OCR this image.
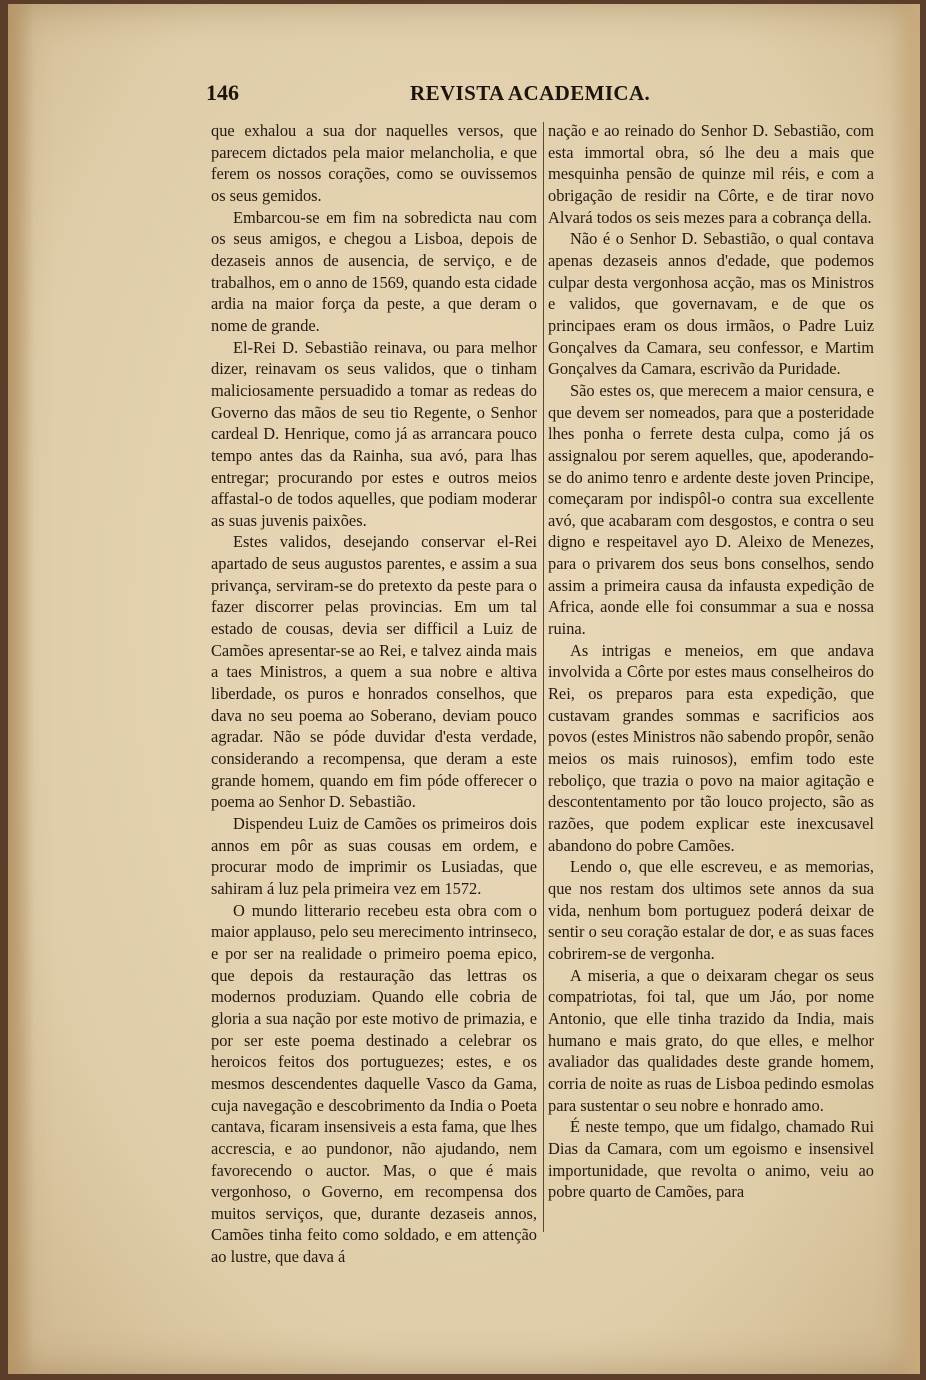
146	REVISTA ACADEMICA.

que exhalou a sua dor naquelles versos, que parecem dictados pela maior melancholia, e que ferem os nossos corações, como se ouvissemos os seus gemidos.

Embarcou-se em fim na sobredicta nau com os seus amigos, e chegou a Lisboa, depois de dezaseis annos de ausencia, de serviço, e de trabalhos, em o anno de 1569, quando esta cidade ardia na maior força da peste, a que deram o nome de grande.

El-Rei D. Sebastião reinava, ou para melhor dizer, reinavam os seus validos, que o tinham maliciosamente persuadido a tomar as redeas do Governo das mãos de seu tio Regente, o Senhor cardeal D. Henrique, como já as arrancara pouco tempo antes das da Rainha, sua avó, para lhas entregar; procurando por estes e outros meios affastal-o de todos aquelles, que podiam moderar as suas juvenis paixões.

Estes validos, desejando conservar el-Rei apartado de seus augustos parentes, e assim a sua privança, serviram-se do pretexto da peste para o fazer discorrer pelas provincias. Em um tal estado de cousas, devia ser difficil a Luiz de Camões apresentar-se ao Rei, e talvez ainda mais a taes Ministros, a quem a sua nobre e altiva liberdade, os puros e honrados conselhos, que dava no seu poema ao Soberano, deviam pouco agradar. Não se póde duvidar d'esta verdade, considerando a recompensa, que deram a este grande homem, quando em fim póde offerecer o poema ao Senhor D. Sebastião.

Dispendeu Luiz de Camões os primeiros dois annos em pôr as suas cousas em ordem, e procurar modo de imprimir os Lusiadas, que sahiram á luz pela primeira vez em 1572.

O mundo litterario recebeu esta obra com o maior applauso, pelo seu merecimento intrinseco, e por ser na realidade o primeiro poema epico, que depois da restauração das lettras os modernos produziam. Quando elle cobria de gloria a sua nação por este motivo de primazia, e por ser este poema destinado a celebrar os heroicos feitos dos portuguezes; estes, e os mesmos descendentes daquelle Vasco da Gama, cuja navegação e descobrimento da India o Poeta cantava, ficaram insensiveis a esta fama, que lhes accrescia, e ao pundonor, não ajudando, nem favorecendo o auctor. Mas, o que é mais vergonhoso, o Governo, em recompensa dos muitos serviços, que, durante dezaseis annos, Camões tinha feito como soldado, e em attenção ao lustre, que dava á

nação e ao reinado do Senhor D. Sebastião, com esta immortal obra, só lhe deu a mais que mesquinha pensão de quinze mil réis, e com a obrigação de residir na Côrte, e de tirar novo Alvará todos os seis mezes para a cobrança della.

Não é o Senhor D. Sebastião, o qual contava apenas dezaseis annos d'edade, que podemos culpar desta vergonhosa acção, mas os Ministros e validos, que governavam, e de que os principaes eram os dous irmãos, o Padre Luiz Gonçalves da Camara, seu confessor, e Martim Gonçalves da Camara, escrivão da Puridade.

São estes os, que merecem a maior censura, e que devem ser nomeados, para que a posteridade lhes ponha o ferrete desta culpa, como já os assignalou por serem aquelles, que, apoderando-se do animo tenro e ardente deste joven Principe, começaram por indispôl-o contra sua excellente avó, que acabaram com desgostos, e contra o seu digno e respeitavel ayo D. Aleixo de Menezes, para o privarem dos seus bons conselhos, sendo assim a primeira causa da infausta expedição de Africa, aonde elle foi consummar a sua e nossa ruina.

As intrigas e meneios, em que andava involvida a Côrte por estes maus conselheiros do Rei, os preparos para esta expedição, que custavam grandes sommas e sacrificios aos povos (estes Ministros não sabendo propôr, senão meios os mais ruinosos), emfim todo este reboliço, que trazia o povo na maior agitação e descontentamento por tão louco projecto, são as razões, que podem explicar este inexcusavel abandono do pobre Camões.

Lendo o, que elle escreveu, e as memorias, que nos restam dos ultimos sete annos da sua vida, nenhum bom portuguez poderá deixar de sentir o seu coração estalar de dor, e as suas faces cobrirem-se de vergonha.

A miseria, a que o deixaram chegar os seus compatriotas, foi tal, que um Jáo, por nome Antonio, que elle tinha trazido da India, mais humano e mais grato, do que elles, e melhor avaliador das qualidades deste grande homem, corria de noite as ruas de Lisboa pedindo esmolas para sustentar o seu nobre e honrado amo.

É neste tempo, que um fidalgo, chamado Rui Dias da Camara, com um egoismo e insensivel importunidade, que revolta o animo, veiu ao pobre quarto de Camões, para
